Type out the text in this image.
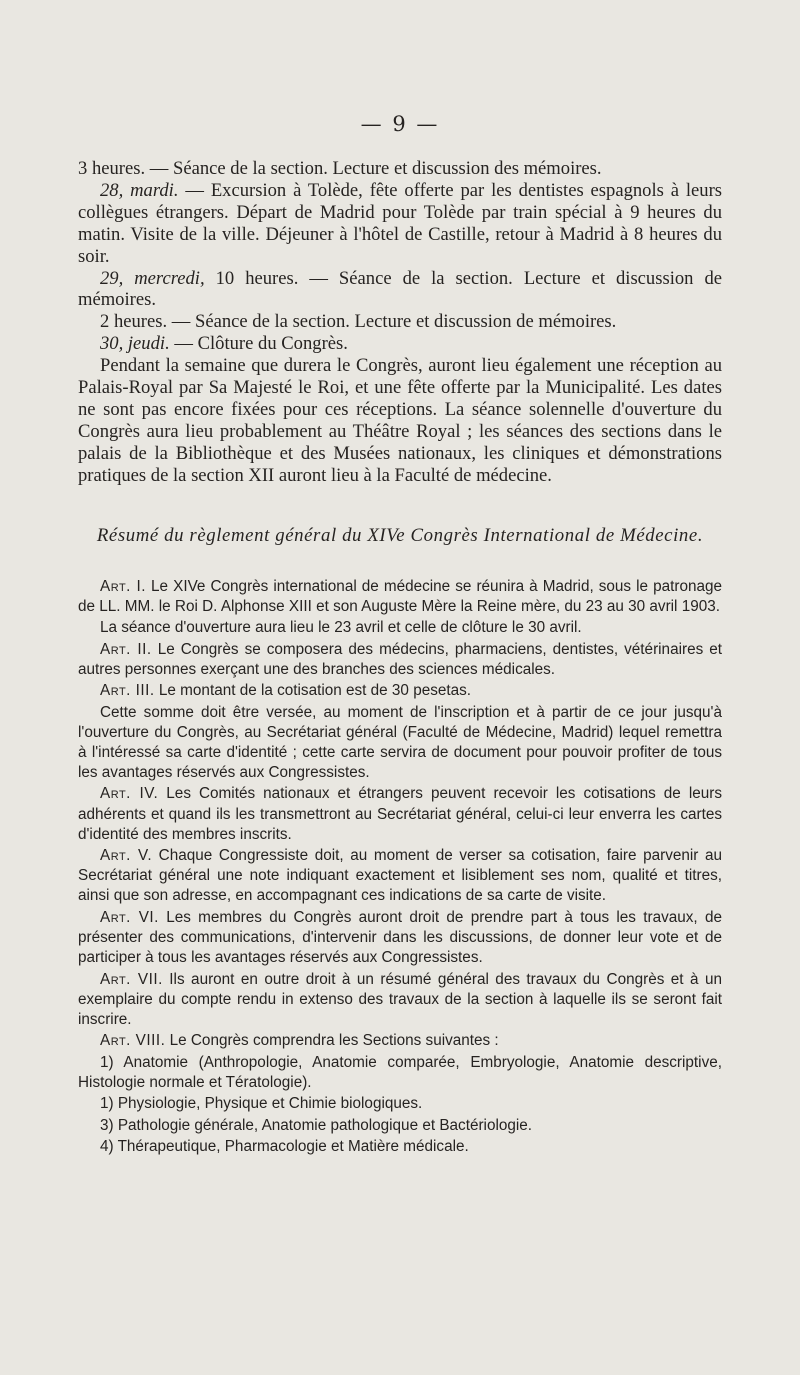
— 9 —

3 heures. — Séance de la section. Lecture et discussion des mémoires.

28, mardi. — Excursion à Tolède, fête offerte par les dentistes espagnols à leurs collègues étrangers. Départ de Madrid pour Tolède par train spécial à 9 heures du matin. Visite de la ville. Déjeuner à l'hôtel de Castille, retour à Madrid à 8 heures du soir.

29, mercredi, 10 heures. — Séance de la section. Lecture et discussion de mémoires.

2 heures. — Séance de la section. Lecture et discussion de mémoires.

30, jeudi. — Clôture du Congrès.

Pendant la semaine que durera le Congrès, auront lieu également une réception au Palais-Royal par Sa Majesté le Roi, et une fête offerte par la Municipalité. Les dates ne sont pas encore fixées pour ces réceptions. La séance solennelle d'ouverture du Congrès aura lieu probablement au Théâtre Royal ; les séances des sections dans le palais de la Bibliothèque et des Musées nationaux, les cliniques et démonstrations pratiques de la section XII auront lieu à la Faculté de médecine.

Résumé du règlement général du XIVe Congrès International de Médecine.

Art. I. Le XIVe Congrès international de médecine se réunira à Madrid, sous le patronage de LL. MM. le Roi D. Alphonse XIII et son Auguste Mère la Reine mère, du 23 au 30 avril 1903.

La séance d'ouverture aura lieu le 23 avril et celle de clôture le 30 avril.

Art. II. Le Congrès se composera des médecins, pharmaciens, dentistes, vétérinaires et autres personnes exerçant une des branches des sciences médicales.

Art. III. Le montant de la cotisation est de 30 pesetas.

Cette somme doit être versée, au moment de l'inscription et à partir de ce jour jusqu'à l'ouverture du Congrès, au Secrétariat général (Faculté de Médecine, Madrid) lequel remettra à l'intéressé sa carte d'identité ; cette carte servira de document pour pouvoir profiter de tous les avantages réservés aux Congressistes.

Art. IV. Les Comités nationaux et étrangers peuvent recevoir les cotisations de leurs adhérents et quand ils les transmettront au Secrétariat général, celui-ci leur enverra les cartes d'identité des membres inscrits.

Art. V. Chaque Congressiste doit, au moment de verser sa cotisation, faire parvenir au Secrétariat général une note indiquant exactement et lisiblement ses nom, qualité et titres, ainsi que son adresse, en accompagnant ces indications de sa carte de visite.

Art. VI. Les membres du Congrès auront droit de prendre part à tous les travaux, de présenter des communications, d'intervenir dans les discussions, de donner leur vote et de participer à tous les avantages réservés aux Congressistes.

Art. VII. Ils auront en outre droit à un résumé général des travaux du Congrès et à un exemplaire du compte rendu in extenso des travaux de la section à laquelle ils se seront fait inscrire.

Art. VIII. Le Congrès comprendra les Sections suivantes :

1) Anatomie (Anthropologie, Anatomie comparée, Embryologie, Anatomie descriptive, Histologie normale et Tératologie).

1) Physiologie, Physique et Chimie biologiques.

3) Pathologie générale, Anatomie pathologique et Bactériologie.

4) Thérapeutique, Pharmacologie et Matière médicale.
